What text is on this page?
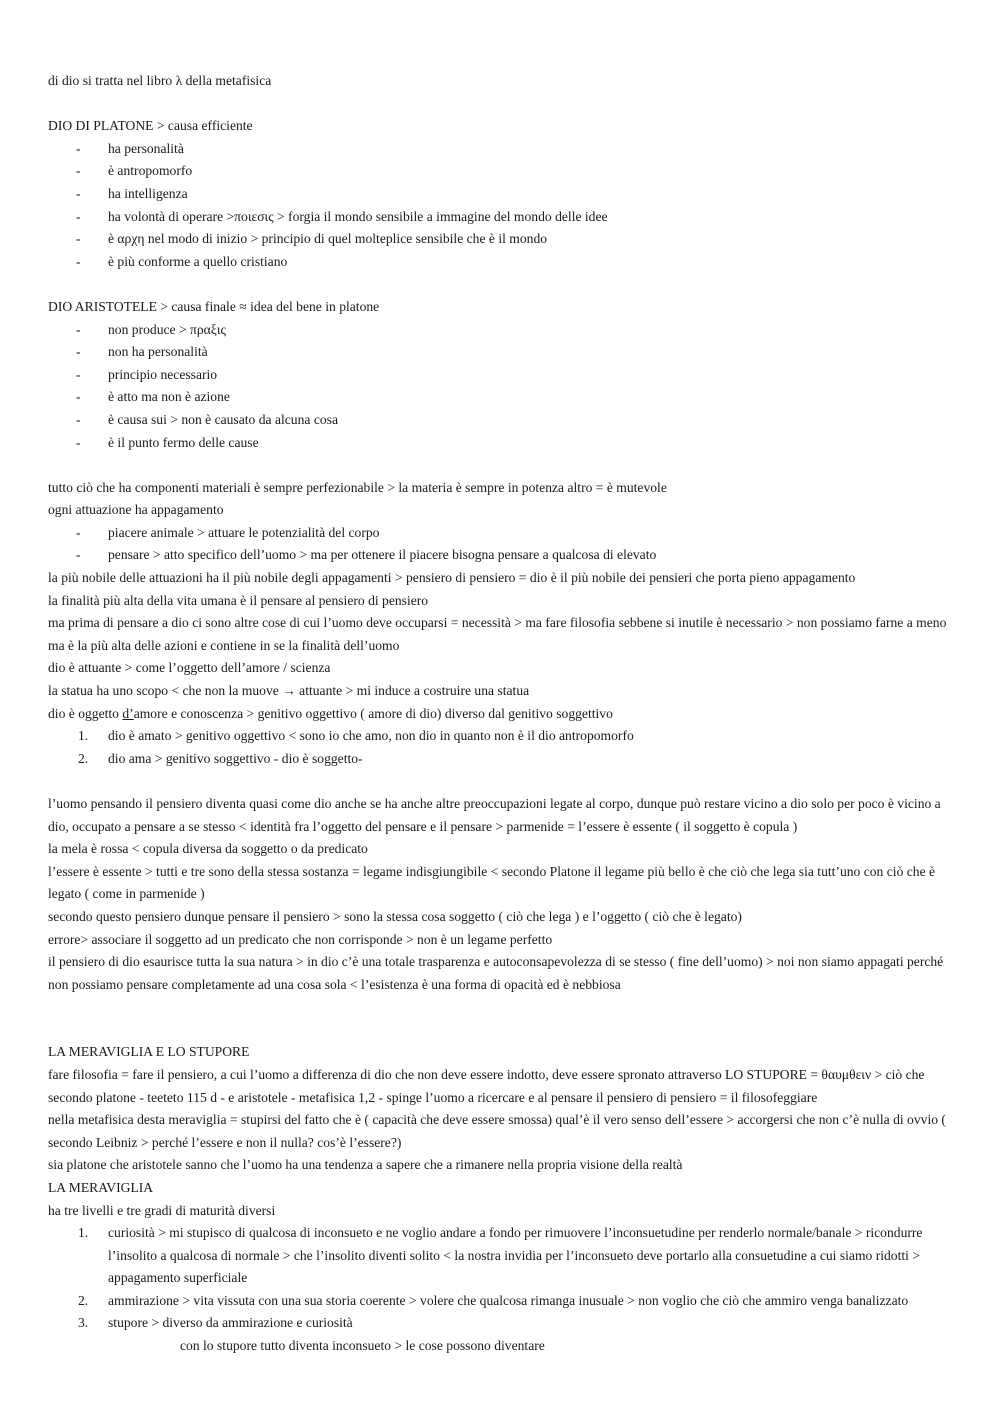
di dio si tratta nel libro λ della metafisica
DIO DI PLATONE > causa efficiente
-	ha personalità
-	è antropomorfo
-	ha intelligenza
-	ha volontà di operare >ποιεσις > forgia il mondo sensibile a immagine del mondo delle idee
-	è αρχη nel modo di inizio > principio di quel molteplice sensibile che è il mondo
-	è più conforme a quello cristiano
DIO ARISTOTELE > causa finale ≈ idea del bene in platone
-	non produce > πραξις
-	non ha personalità
-	principio necessario
-	è atto ma non è azione
-	è causa sui > non è causato da alcuna cosa
-	è il punto fermo delle cause
tutto ciò che ha componenti materiali è sempre perfezionabile > la materia è sempre in potenza altro = è mutevole
ogni attuazione ha appagamento
-	piacere animale > attuare le potenzialità del corpo
-	pensare > atto specifico dell’uomo > ma per ottenere il piacere bisogna pensare a qualcosa di elevato
la più nobile delle attuazioni ha il più nobile degli appagamenti > pensiero di pensiero = dio è il più nobile dei pensieri che porta pieno appagamento
la finalità più alta della vita umana è il pensare al pensiero di pensiero
ma prima di pensare a dio ci sono altre cose di cui l’uomo deve occuparsi = necessità > ma fare filosofia sebbene si inutile è necessario > non possiamo farne a meno ma è la più alta delle azioni e contiene in se la finalità dell’uomo
dio è attuante > come l’oggetto dell’amore / scienza
la statua ha uno scopo < che non la muove → attuante > mi induce a costruire una statua
dio è oggetto d’amore e conoscenza > genitivo oggettivo ( amore di dio) diverso dal genitivo soggettivo
1.	dio è amato > genitivo oggettivo < sono io che amo, non dio in quanto non è il dio antropomorfo
2.	dio ama > genitivo soggettivo - dio è soggetto-
l’uomo pensando il pensiero diventa quasi come dio anche se ha anche altre preoccupazioni legate al corpo, dunque può restare vicino a dio solo per poco è vicino a dio, occupato a pensare a se stesso < identità fra l’oggetto del pensare e il pensare > parmenide = l’essere è essente ( il soggetto è copula )
la mela è rossa < copula diversa da soggetto o da predicato
l’essere è essente > tutti e tre sono della stessa sostanza = legame indisgiungibile < secondo Platone il legame più bello è che ciò che lega sia tutt’uno con ciò che è legato ( come in parmenide )
secondo questo pensiero dunque pensare il pensiero > sono la stessa cosa soggetto ( ciò che lega ) e l’oggetto ( ciò che è legato)
errore> associare il soggetto ad un predicato che non corrisponde > non è un legame perfetto
il pensiero di dio esaurisce tutta la sua natura > in dio c’è una totale trasparenza e autoconsapevolezza di se stesso ( fine dell’uomo) > noi non siamo appagati perché non possiamo pensare completamente ad una cosa sola < l’esistenza è una forma di opacità ed è nebbiosa
LA MERAVIGLIA E LO STUPORE
fare filosofia = fare il pensiero, a cui l’uomo a differenza di dio che non deve essere indotto, deve essere spronato attraverso LO STUPORE = θαυμθειν > ciò che secondo platone - teeteto 115 d - e aristotele - metafisica 1,2 - spinge l’uomo a ricercare e al pensare il pensiero di pensiero = il filosofeggiare
nella metafisica desta meraviglia = stupirsi del fatto che è ( capacità che deve essere smossa) qual’è il vero senso dell’essere > accorgersi che non c’è nulla di ovvio ( secondo Leibniz > perché l’essere e non il nulla? cos’è l’essere?)
sia platone che aristotele sanno che l’uomo ha una tendenza a sapere che a rimanere nella propria visione della realtà
LA MERAVIGLIA
ha tre livelli e tre gradi di maturità diversi
1.	curiosità > mi stupisco di qualcosa di inconsueto e ne voglio andare a fondo per rimuovere l’inconsuetudine per renderlo normale/banale > ricondurre l’insolito a qualcosa di normale > che l’insolito diventi solito < la nostra invidia per l’inconsueto deve portarlo alla consuetudine a cui siamo ridotti > appagamento superficiale
2.	ammirazione > vita vissuta con una sua storia coerente > volere che qualcosa rimanga inusuale > non voglio che ciò che ammiro venga banalizzato
3.	stupore > diverso da ammirazione e curiosità
con lo stupore tutto diventa inconsueto > le cose possono diventare
